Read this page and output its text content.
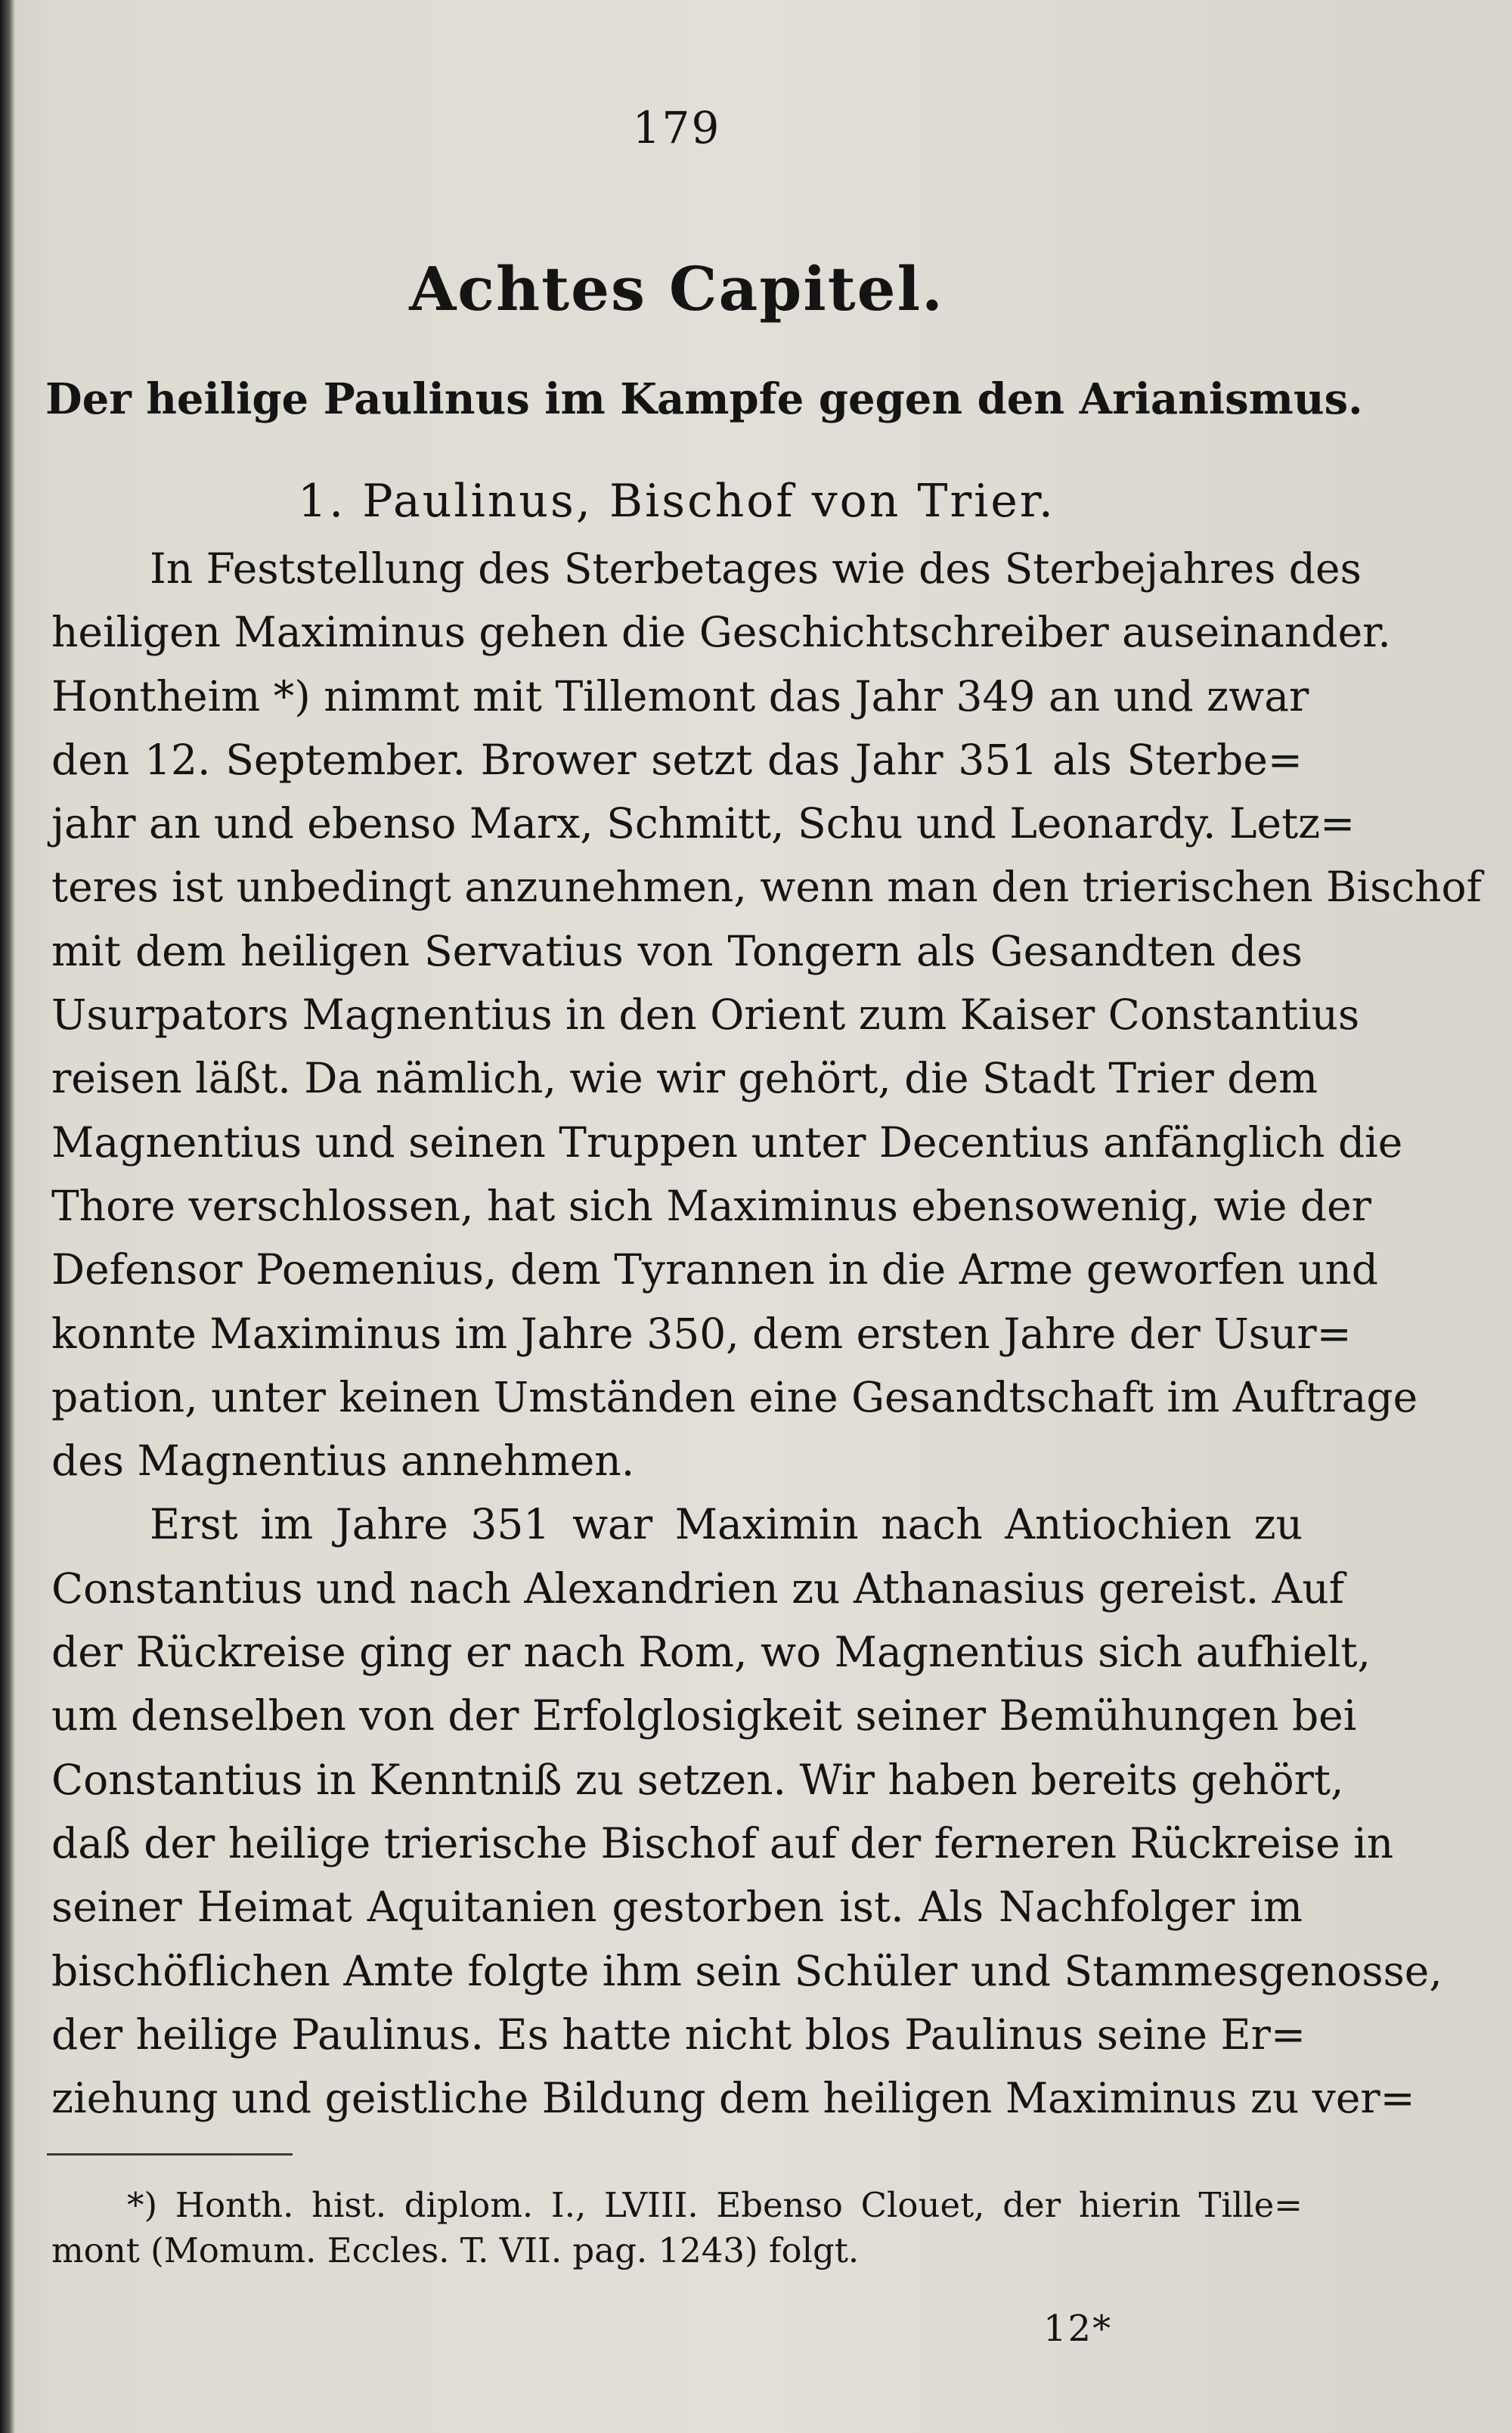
179
Achtes Capitel.
Der heilige Paulinus im Kampfe gegen den Arianismus.
1. Paulinus, Bischof von Trier.
In Feststellung des Sterbetages wie des Sterbejahres des
heiligen Maximinus gehen die Geschichtschreiber auseinander.
Hontheim *) nimmt mit Tillemont das Jahr 349 an und zwar
den 12. September. Brower setzt das Jahr 351 als Sterbe=
jahr an und ebenso Marx, Schmitt, Schu und Leonardy. Letz=
teres ist unbedingt anzunehmen, wenn man den trierischen Bischof
mit dem heiligen Servatius von Tongern als Gesandten des
Usurpators Magnentius in den Orient zum Kaiser Constantius
reisen läßt. Da nämlich, wie wir gehört, die Stadt Trier dem
Magnentius und seinen Truppen unter Decentius anfänglich die
Thore verschlossen, hat sich Maximinus ebensowenig, wie der
Defensor Poemenius, dem Tyrannen in die Arme geworfen und
konnte Maximinus im Jahre 350, dem ersten Jahre der Usur=
pation, unter keinen Umständen eine Gesandtschaft im Auftrage
des Magnentius annehmen.
Erst im Jahre 351 war Maximin nach Antiochien zu
Constantius und nach Alexandrien zu Athanasius gereist. Auf
der Rückreise ging er nach Rom, wo Magnentius sich aufhielt,
um denselben von der Erfolglosigkeit seiner Bemühungen bei
Constantius in Kenntniß zu setzen. Wir haben bereits gehört,
daß der heilige trierische Bischof auf der ferneren Rückreise in
seiner Heimat Aquitanien gestorben ist. Als Nachfolger im
bischöflichen Amte folgte ihm sein Schüler und Stammesgenosse,
der heilige Paulinus. Es hatte nicht blos Paulinus seine Er=
ziehung und geistliche Bildung dem heiligen Maximinus zu ver=
*) Honth. hist. diplom. I., LVIII. Ebenso Clouet, der hierin Tille=
mont (Momum. Eccles. T. VII. pag. 1243) folgt.
12*
